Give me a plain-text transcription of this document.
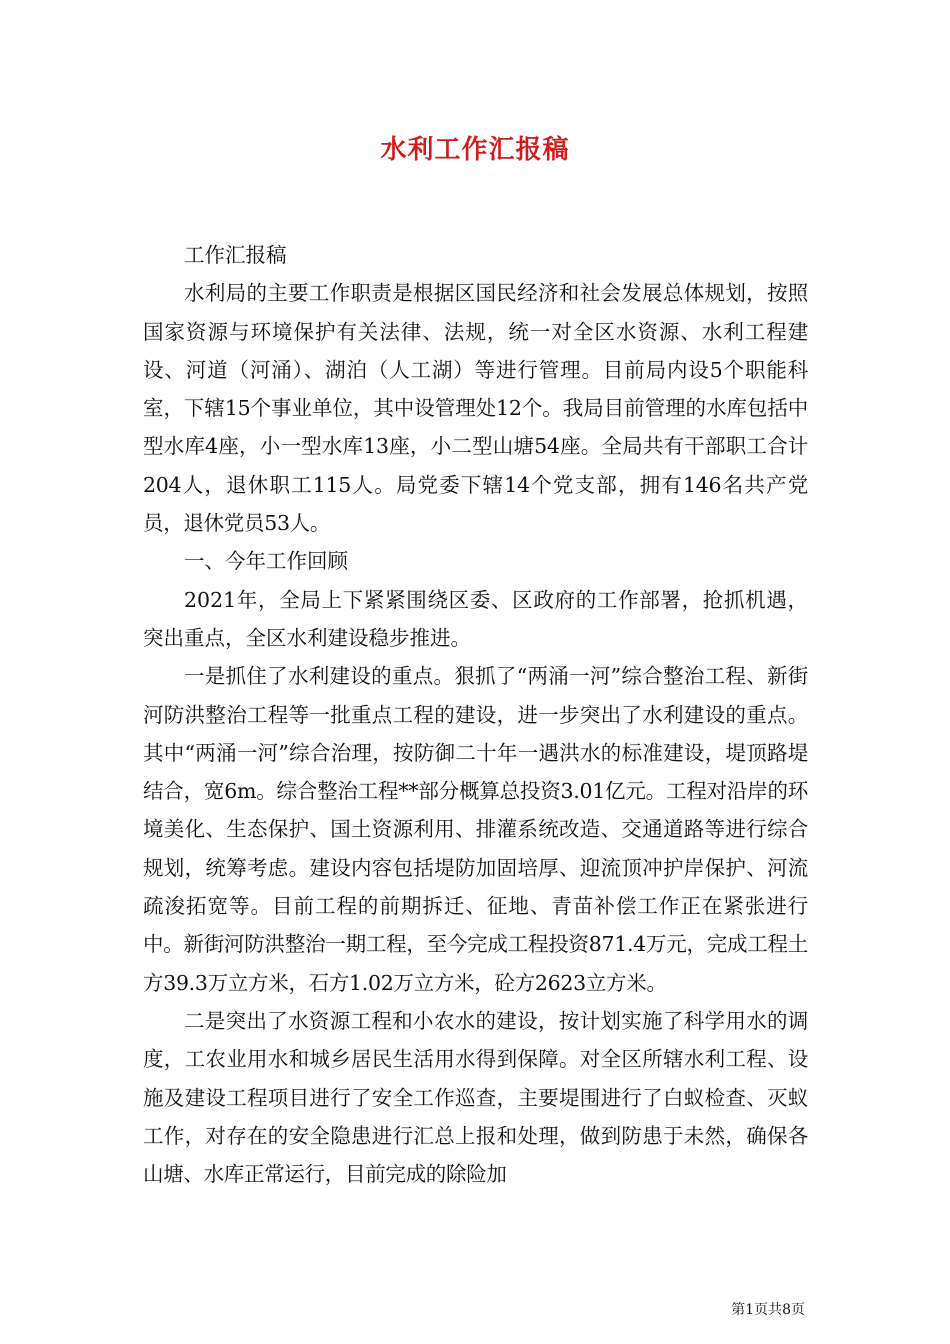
水利工作汇报稿

工作汇报稿

水利局的主要工作职责是根据区国民经济和社会发展总体规划，按照国家资源与环境保护有关法律、法规，统一对全区水资源、水利工程建设、河道（河涌）、湖泊（人工湖）等进行管理。目前局内设5个职能科室，下辖15个事业单位，其中设管理处12个。我局目前管理的水库包括中型水库4座，小一型水库13座，小二型山塘54座。全局共有干部职工合计204人，退休职工115人。局党委下辖14个党支部，拥有146名共产党员，退休党员53人。

一、今年工作回顾

2021年，全局上下紧紧围绕区委、区政府的工作部署，抢抓机遇，突出重点，全区水利建设稳步推进。

一是抓住了水利建设的重点。狠抓了“两涌一河”综合整治工程、新街河防洪整治工程等一批重点工程的建设，进一步突出了水利建设的重点。其中“两涌一河”综合治理，按防御二十年一遇洪水的标准建设，堤顶路堤结合，宽6m。综合整治工程**部分概算总投资3.01亿元。工程对沿岸的环境美化、生态保护、国土资源利用、排灌系统改造、交通道路等进行综合规划，统筹考虑。建设内容包括堤防加固培厚、迎流顶冲护岸保护、河流疏浚拓宽等。目前工程的前期拆迁、征地、青苗补偿工作正在紧张进行中。新街河防洪整治一期工程，至今完成工程投资871.4万元，完成工程土方39.3万立方米，石方1.02万立方米，砼方2623立方米。

二是突出了水资源工程和小农水的建设，按计划实施了科学用水的调度，工农业用水和城乡居民生活用水得到保障。对全区所辖水利工程、设施及建设工程项目进行了安全工作巡查，主要堤围进行了白蚁检查、灭蚁工作，对存在的安全隐患进行汇总上报和处理，做到防患于未然，确保各山塘、水库正常运行，目前完成的除险加

第1页共8页
